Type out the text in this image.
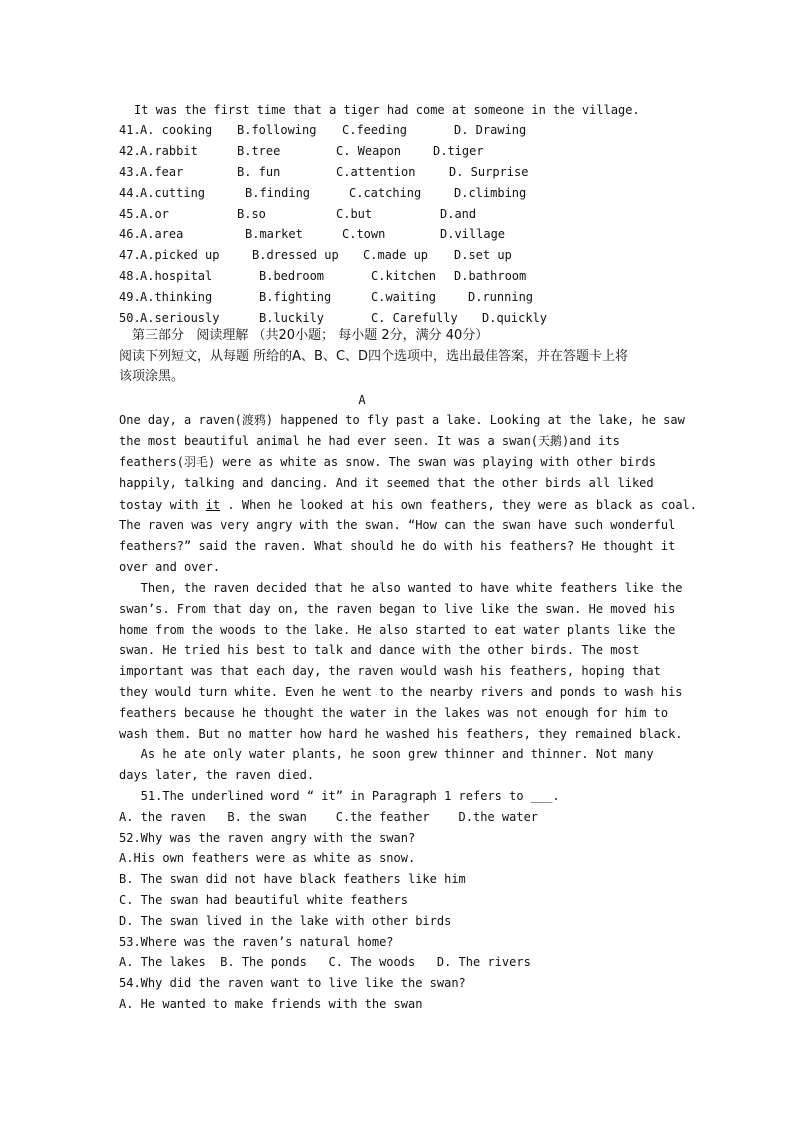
It was the first time that a tiger had come at someone in the village.
41. A. cooking B.following C.feeding	D. Drawing
42. A.rabbit	B.tree	C. Weapon	D.tiger
43. A.fear	B. fun	C.attention	D. Surprise
44. A.cutting	B.finding	C.catching	D.climbing
45. A.or	B.so	C.but	D.and
46. A.area	B.market	C.town	D.village
47. A.picked up	B.dressed up C.made up D.set up
48. A.hospital	B.bedroom	C.kitchen D.bathroom
49. A.thinking	B.fighting	C.waiting	D.running
50. A.seriously	B.luckily	C. Carefully D.quickly
第三部分   阅读理解 （共20小题； 每小题 2分，满分 40分）
阅读下列短文，从每题 所给的A、B、C、D四个选项中，选出最佳答案，并在答题卡上将
该项涂黑。
A
One day, a raven(渡鸦) happened to fly past a lake. Looking at the lake, he saw
the most beautiful animal he had ever seen. It was a swan(天鹅)and its
feathers(羽毛) were as white as snow. The swan was playing with other birds
happily, talking and dancing. And it seemed that the other birds all liked
tostay with it . When he looked at his own feathers, they were as black as coal.
The raven was very angry with the swan. “How can the swan have such wonderful
feathers?” said the raven. What should he do with his feathers? He thought it
over and over.
Then, the raven decided that he also wanted to have white feathers like the
swan’s. From that day on, the raven began to live like the swan. He moved his
home from the woods to the lake. He also started to eat water plants like the
swan. He tried his best to talk and dance with the other birds. The most
important was that each day, the raven would wash his feathers, hoping that
they would turn white. Even he went to the nearby rivers and ponds to wash his
feathers because he thought the water in the lakes was not enough for him to
wash them. But no matter how hard he washed his feathers, they remained black.
As he ate only water plants, he soon grew thinner and thinner. Not many
days later, the raven died.
51.The underlined word “ it” in Paragraph 1 refers to ___.
A. the raven   B. the swan    C.the feather    D.the water
52.Why was the raven angry with the swan?
A.His own feathers were as white as snow.
B. The swan did not have black feathers like him
C. The swan had beautiful white feathers
D. The swan lived in the lake with other birds
53.Where was the raven’s natural home?
A. The lakes  B. The ponds   C. The woods   D. The rivers
54.Why did the raven want to live like the swan?
A. He wanted to make friends with the swan
